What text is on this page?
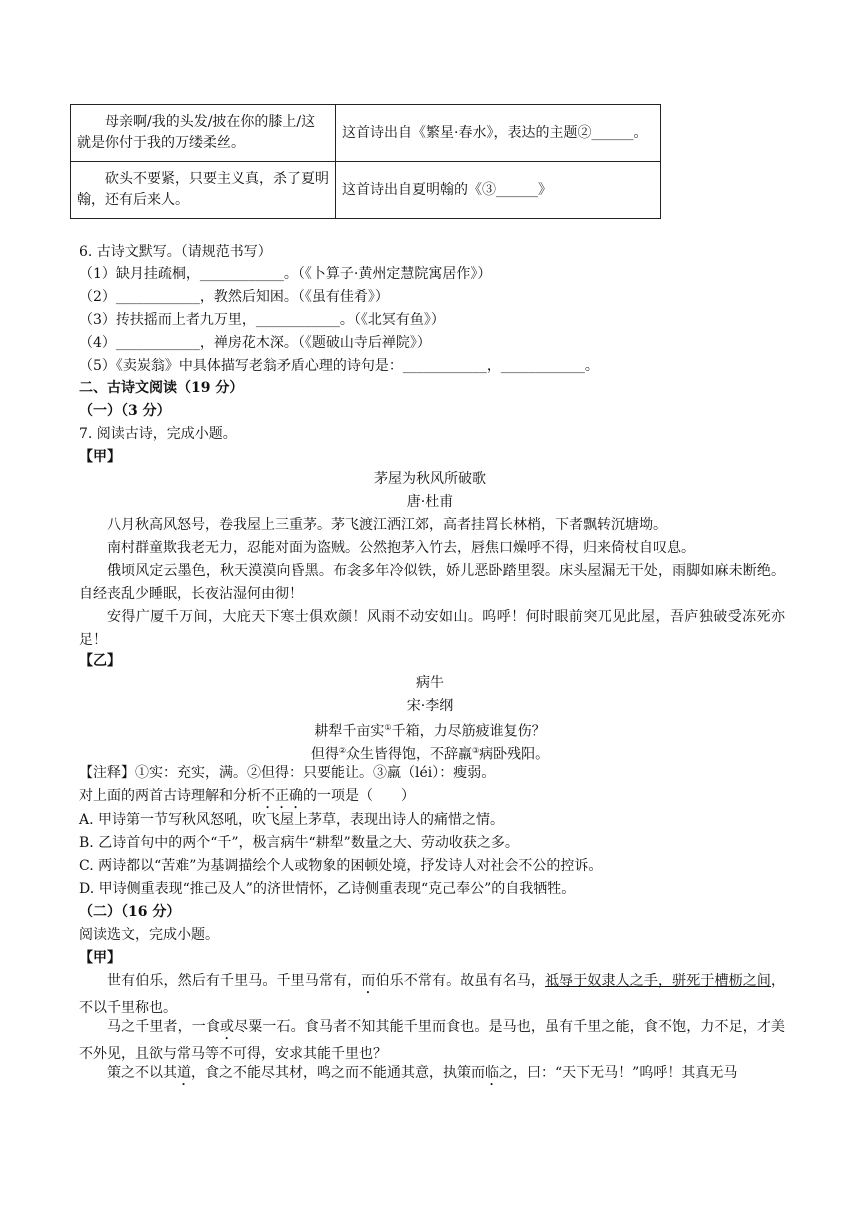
母亲啊/我的头发/披在你的膝上/这就是你付于我的万缕柔丝。	这首诗出自《繁星·春水》，表达的主题②______。
砍头不要紧，只要主义真，杀了夏明翰，还有后来人。	这首诗出自夏明翰的《③______》
6. 古诗文默写。（请规范书写）
（1）缺月挂疏桐，____________。（《卜算子·黄州定慧院寓居作》）
（2）____________，教然后知困。（《虽有佳肴》）
（3）抟扶摇而上者九万里，____________。（《北冥有鱼》）
（4）____________，禅房花木深。（《题破山寺后禅院》）
（5）《卖炭翁》中具体描写老翁矛盾心理的诗句是：____________，____________。
二、古诗文阅读（19 分）
（一）（3 分）
7. 阅读古诗，完成小题。
【甲】
茅屋为秋风所破歌
唐·杜甫
八月秋高风怒号，卷我屋上三重茅。茅飞渡江洒江郊，高者挂罥长林梢，下者飘转沉塘坳。
南村群童欺我老无力，忍能对面为盗贼。公然抱茅入竹去，唇焦口燥呼不得，归来倚杖自叹息。
俄顷风定云墨色，秋天漠漠向昏黑。布衾多年冷似铁，娇儿恶卧踏里裂。床头屋漏无干处，雨脚如麻未断绝。自经丧乱少睡眠，长夜沾湿何由彻！
安得广厦千万间，大庇天下寒士俱欢颜！风雨不动安如山。呜呼！何时眼前突兀见此屋，吾庐独破受冻死亦足！
【乙】
病牛
宋·李纲
耕犁千亩实①千箱，力尽筋疲谁复伤？
但得②众生皆得饱，不辞羸③病卧残阳。
【注释】①实：充实，满。②但得：只要能让。③羸（léi）：瘦弱。
对上面的两首古诗理解和分析不正确的一项是（　　）
A. 甲诗第一节写秋风怒吼，吹飞屋上茅草，表现出诗人的痛惜之情。
B. 乙诗首句中的两个“千”，极言病牛“耕犁”数量之大、劳动收获之多。
C. 两诗都以“苦难”为基调描绘个人或物象的困顿处境，抒发诗人对社会不公的控诉。
D. 甲诗侧重表现“推己及人”的济世情怀，乙诗侧重表现“克己奉公”的自我牺牲。
（二）（16 分）
阅读选文，完成小题。
【甲】
世有伯乐，然后有千里马。千里马常有，而伯乐不常有。故虽有名马，祗辱于奴隶人之手，骈死于槽枥之间，不以千里称也。
马之千里者，一食或尽粟一石。食马者不知其能千里而食也。是马也，虽有千里之能，食不饱，力不足，才美不外见，且欲与常马等不可得，安求其能千里也？
策之不以其道，食之不能尽其材，鸣之而不能通其意，执策而临之，曰：“天下无马！”呜呼！其真无马
